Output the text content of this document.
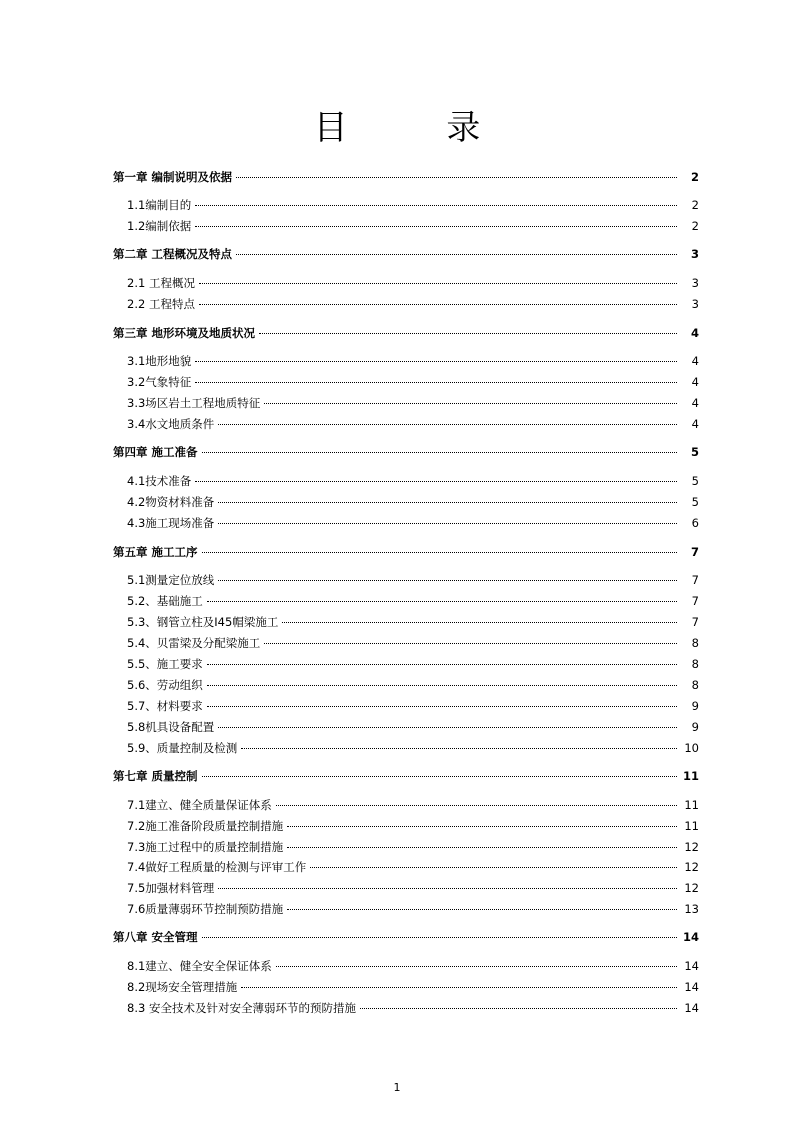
目 录
第一章 编制说明及依据	2
1.1编制目的	2
1.2编制依据	2
第二章 工程概况及特点	3
2.1 工程概况	3
2.2 工程特点	3
第三章 地形环境及地质状况	4
3.1地形地貌	4
3.2气象特征	4
3.3场区岩土工程地质特征	4
3.4水文地质条件	4
第四章 施工准备	5
4.1技术准备	5
4.2物资材料准备	5
4.3施工现场准备	6
第五章 施工工序	7
5.1测量定位放线	7
5.2、基础施工	7
5.3、钢管立柱及Ⅰ45帽梁施工	7
5.4、贝雷梁及分配梁施工	8
5.5、施工要求	8
5.6、劳动组织	8
5.7、材料要求	9
5.8机具设备配置	9
5.9、质量控制及检测	10
第七章 质量控制	11
7.1建立、健全质量保证体系	11
7.2施工准备阶段质量控制措施	11
7.3施工过程中的质量控制措施	12
7.4做好工程质量的检测与评审工作	12
7.5加强材料管理	12
7.6质量薄弱环节控制预防措施	13
第八章 安全管理	14
8.1建立、健全安全保证体系	14
8.2现场安全管理措施	14
8.3 安全技术及针对安全薄弱环节的预防措施	14
1
